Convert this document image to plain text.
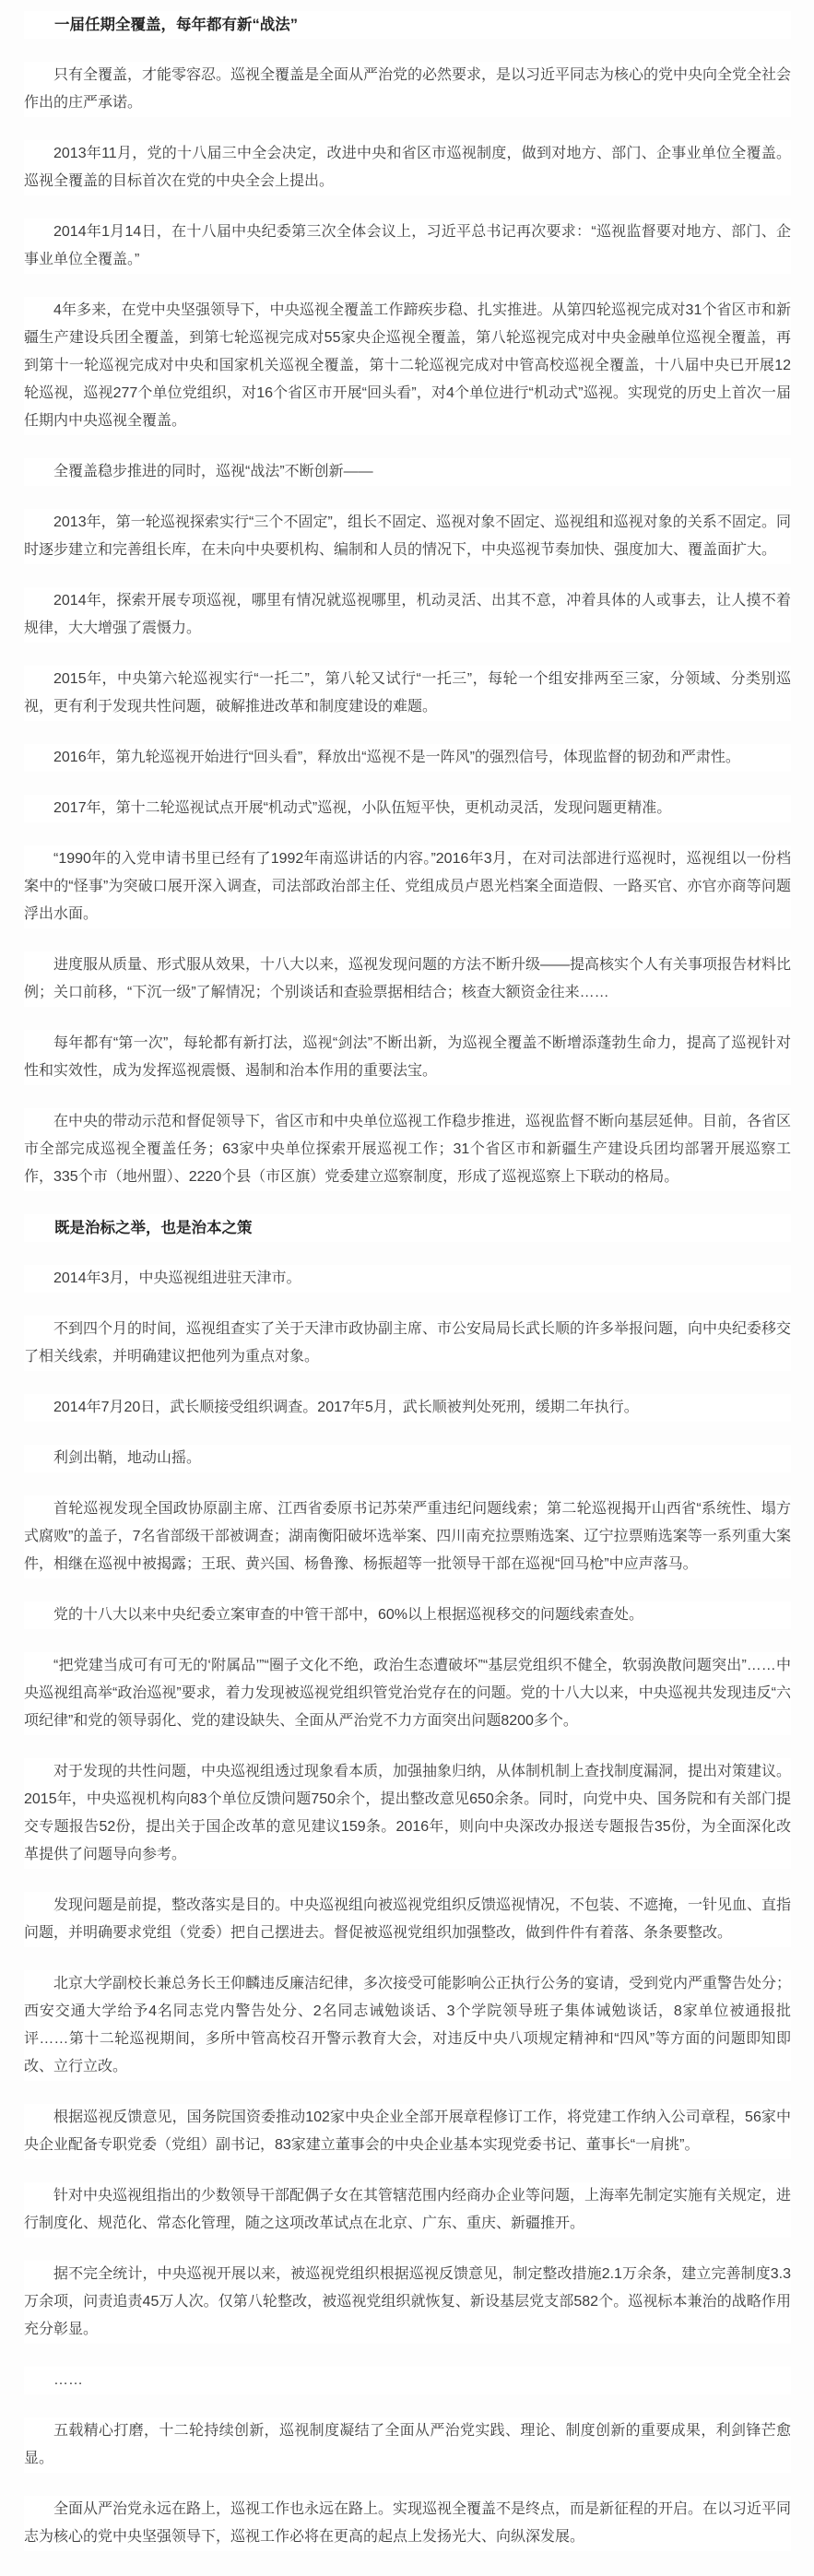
一届任期全覆盖，每年都有新“战法”

只有全覆盖，才能零容忍。巡视全覆盖是全面从严治党的必然要求，是以习近平同志为核心的党中央向全党全社会作出的庄严承诺。

2013年11月，党的十八届三中全会决定，改进中央和省区市巡视制度，做到对地方、部门、企事业单位全覆盖。巡视全覆盖的目标首次在党的中央全会上提出。

2014年1月14日，在十八届中央纪委第三次全体会议上，习近平总书记再次要求：“巡视监督要对地方、部门、企事业单位全覆盖。”

4年多来，在党中央坚强领导下，中央巡视全覆盖工作蹄疾步稳、扎实推进。从第四轮巡视完成对31个省区市和新疆生产建设兵团全覆盖，到第七轮巡视完成对55家央企巡视全覆盖，第八轮巡视完成对中央金融单位巡视全覆盖，再到第十一轮巡视完成对中央和国家机关巡视全覆盖，第十二轮巡视完成对中管高校巡视全覆盖，十八届中央已开展12轮巡视，巡视277个单位党组织，对16个省区市开展“回头看”，对4个单位进行“机动式”巡视。实现党的历史上首次一届任期内中央巡视全覆盖。

全覆盖稳步推进的同时，巡视“战法”不断创新——

2013年，第一轮巡视探索实行“三个不固定”，组长不固定、巡视对象不固定、巡视组和巡视对象的关系不固定。同时逐步建立和完善组长库，在未向中央要机构、编制和人员的情况下，中央巡视节奏加快、强度加大、覆盖面扩大。

2014年，探索开展专项巡视，哪里有情况就巡视哪里，机动灵活、出其不意，冲着具体的人或事去，让人摸不着规律，大大增强了震慑力。

2015年，中央第六轮巡视实行“一托二”，第八轮又试行“一托三”，每轮一个组安排两至三家，分领域、分类别巡视，更有利于发现共性问题，破解推进改革和制度建设的难题。

2016年，第九轮巡视开始进行“回头看”，释放出“巡视不是一阵风”的强烈信号，体现监督的韧劲和严肃性。

2017年，第十二轮巡视试点开展“机动式”巡视，小队伍短平快，更机动灵活，发现问题更精准。

“1990年的入党申请书里已经有了1992年南巡讲话的内容。”2016年3月，在对司法部进行巡视时，巡视组以一份档案中的“怪事”为突破口展开深入调查，司法部政治部主任、党组成员卢恩光档案全面造假、一路买官、亦官亦商等问题浮出水面。

进度服从质量、形式服从效果，十八大以来，巡视发现问题的方法不断升级——提高核实个人有关事项报告材料比例；关口前移，“下沉一级”了解情况；个别谈话和查验票据相结合；核查大额资金往来……

每年都有“第一次”，每轮都有新打法，巡视“剑法”不断出新，为巡视全覆盖不断增添蓬勃生命力，提高了巡视针对性和实效性，成为发挥巡视震慑、遏制和治本作用的重要法宝。

在中央的带动示范和督促领导下，省区市和中央单位巡视工作稳步推进，巡视监督不断向基层延伸。目前，各省区市全部完成巡视全覆盖任务；63家中央单位探索开展巡视工作；31个省区市和新疆生产建设兵团均部署开展巡察工作，335个市（地州盟）、2220个县（市区旗）党委建立巡察制度，形成了巡视巡察上下联动的格局。

既是治标之举，也是治本之策

2014年3月，中央巡视组进驻天津市。

不到四个月的时间，巡视组查实了关于天津市政协副主席、市公安局局长武长顺的许多举报问题，向中央纪委移交了相关线索，并明确建议把他列为重点对象。

2014年7月20日，武长顺接受组织调查。2017年5月，武长顺被判处死刑，缓期二年执行。

利剑出鞘，地动山摇。

首轮巡视发现全国政协原副主席、江西省委原书记苏荣严重违纪问题线索；第二轮巡视揭开山西省“系统性、塌方式腐败”的盖子，7名省部级干部被调查；湖南衡阳破坏选举案、四川南充拉票贿选案、辽宁拉票贿选案等一系列重大案件，相继在巡视中被揭露；王珉、黄兴国、杨鲁豫、杨振超等一批领导干部在巡视“回马枪”中应声落马。

党的十八大以来中央纪委立案审查的中管干部中，60%以上根据巡视移交的问题线索查处。

“把党建当成可有可无的‘附属品’”“圈子文化不绝，政治生态遭破坏”“基层党组织不健全，软弱涣散问题突出”……中央巡视组高举“政治巡视”要求，着力发现被巡视党组织管党治党存在的问题。党的十八大以来，中央巡视共发现违反“六项纪律”和党的领导弱化、党的建设缺失、全面从严治党不力方面突出问题8200多个。

对于发现的共性问题，中央巡视组透过现象看本质，加强抽象归纳，从体制机制上查找制度漏洞，提出对策建议。2015年，中央巡视机构向83个单位反馈问题750余个，提出整改意见650余条。同时，向党中央、国务院和有关部门提交专题报告52份，提出关于国企改革的意见建议159条。2016年，则向中央深改办报送专题报告35份，为全面深化改革提供了问题导向参考。

发现问题是前提，整改落实是目的。中央巡视组向被巡视党组织反馈巡视情况，不包装、不遮掩，一针见血、直指问题，并明确要求党组（党委）把自己摆进去。督促被巡视党组织加强整改，做到件件有着落、条条要整改。

北京大学副校长兼总务长王仰麟违反廉洁纪律，多次接受可能影响公正执行公务的宴请，受到党内严重警告处分；西安交通大学给予4名同志党内警告处分、2名同志诫勉谈话、3个学院领导班子集体诫勉谈话，8家单位被通报批评……第十二轮巡视期间，多所中管高校召开警示教育大会，对违反中央八项规定精神和“四风”等方面的问题即知即改、立行立改。

根据巡视反馈意见，国务院国资委推动102家中央企业全部开展章程修订工作，将党建工作纳入公司章程，56家中央企业配备专职党委（党组）副书记，83家建立董事会的中央企业基本实现党委书记、董事长“一肩挑”。

针对中央巡视组指出的少数领导干部配偶子女在其管辖范围内经商办企业等问题，上海率先制定实施有关规定，进行制度化、规范化、常态化管理，随之这项改革试点在北京、广东、重庆、新疆推开。

据不完全统计，中央巡视开展以来，被巡视党组织根据巡视反馈意见，制定整改措施2.1万余条，建立完善制度3.3万余项，问责追责45万人次。仅第八轮整改，被巡视党组织就恢复、新设基层党支部582个。巡视标本兼治的战略作用充分彰显。

……

五载精心打磨，十二轮持续创新，巡视制度凝结了全面从严治党实践、理论、制度创新的重要成果，利剑锋芒愈显。

全面从严治党永远在路上，巡视工作也永远在路上。实现巡视全覆盖不是终点，而是新征程的开启。在以习近平同志为核心的党中央坚强领导下，巡视工作必将在更高的起点上发扬光大、向纵深发展。
